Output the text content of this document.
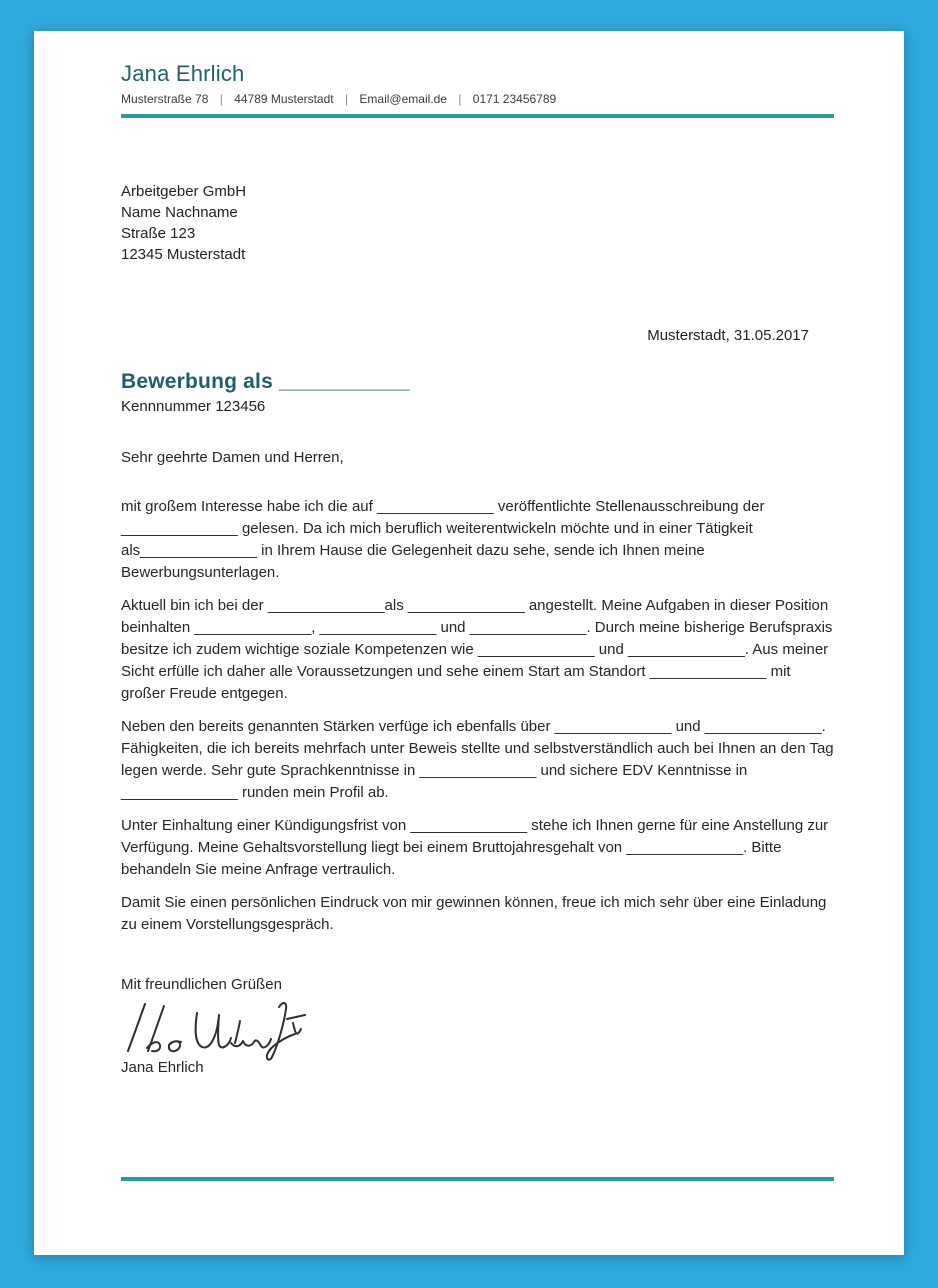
Jana Ehrlich
Musterstraße 78 | 44789 Musterstadt | Email@email.de | 0171 23456789
Arbeitgeber GmbH
Name Nachname
Straße 123
12345 Musterstadt
Musterstadt, 31.05.2017
Bewerbung als ___________
Kennnummer 123456

Sehr geehrte Damen und Herren,

mit großem Interesse habe ich die auf ______________ veröffentlichte Stellenausschreibung der ______________ gelesen. Da ich mich beruflich weiterentwickeln möchte und in einer Tätigkeit als______________ in Ihrem Hause die Gelegenheit dazu sehe, sende ich Ihnen meine Bewerbungsunterlagen.

Aktuell bin ich bei der ______________als ______________ angestellt. Meine Aufgaben in dieser Position beinhalten ______________, ______________ und ______________. Durch meine bisherige Berufspraxis besitze ich zudem wichtige soziale Kompetenzen wie ______________ und ______________. Aus meiner Sicht erfülle ich daher alle Voraussetzungen und sehe einem Start am Standort ______________ mit großer Freude entgegen.

Neben den bereits genannten Stärken verfüge ich ebenfalls über ______________ und ______________. Fähigkeiten, die ich bereits mehrfach unter Beweis stellte und selbstverständlich auch bei Ihnen an den Tag legen werde. Sehr gute Sprachkenntnisse in ______________ und sichere EDV Kenntnisse in ______________ runden mein Profil ab.

Unter Einhaltung einer Kündigungsfrist von ______________ stehe ich Ihnen gerne für eine Anstellung zur Verfügung. Meine Gehaltsvorstellung liegt bei einem Bruttojahresgehalt von ______________. Bitte behandeln Sie meine Anfrage vertraulich.

Damit Sie einen persönlichen Eindruck von mir gewinnen können, freue ich mich sehr über eine Einladung zu einem Vorstellungsgespräch.

Mit freundlichen Grüßen

Jana Ehrlich
